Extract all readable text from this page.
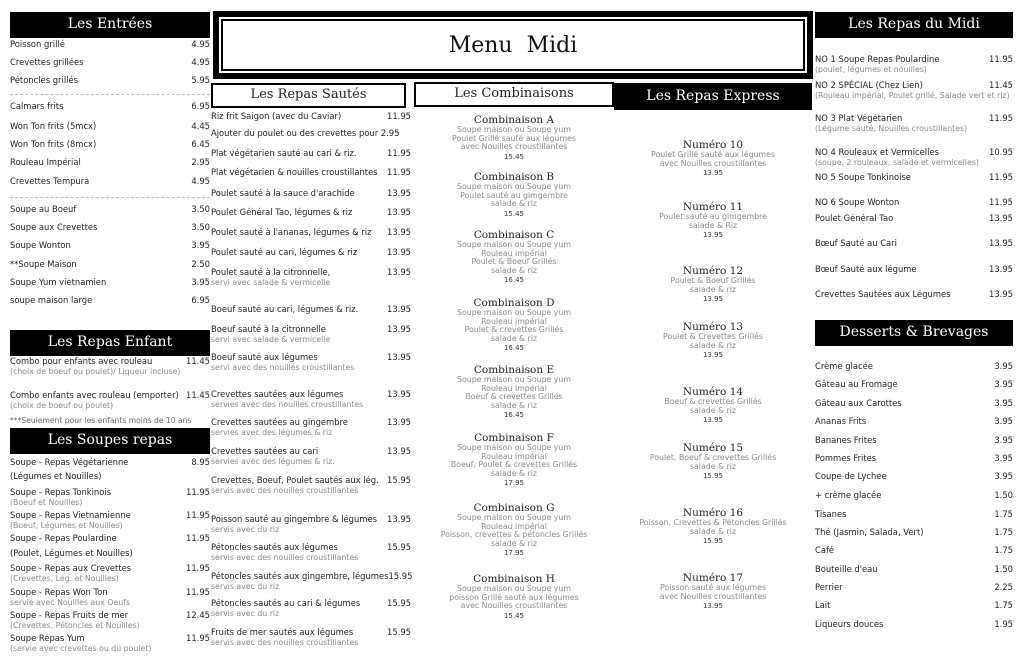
Les Entrées
Poisson grillé	4.95
Crevettes grillées	4.95
Pétoncles grillés	5.95
Calmars frits	6.95
Won Ton frits (5mcx)	4.45
Won Ton frits (8mcx)	6.45
Rouleau Impérial	2.95
Crevettes Tempura	4.95
Soupe au Boeuf	3.50
Soupe aux Crevettes	3.50
Soupe Wonton	3.95
**Soupe Maison	2.50
Soupe Yum vietnamien	3.95
soupe maison large	6.95
Les Repas Enfant
Combo pour enfants avec rouleau	11.45
(choix de boeuf ou poulet)/ Liqueur incluse)
Combo enfants avec rouleau (emporter) 11.45
(choix de boeuf ou poulet)
***Seulement pour les enfants moins de 10 ans
Les Soupes repas
Soupe - Repas Végétarienne	8.95
(Légumes et Nouilles)
Soupe - Repas Tonkinois	11.95
(Boeuf et Nouilles)
Soupe - Repas Vietnamienne	11.95
(Boeuf, Légumes et Nouilles)
Soupe - Repas Poulardine	11.95
(Poulet, Légumes et Nouilles)
Soupe - Repas aux Crevettes	11.95
(Crevettes, Lég. et Nouilles)
Soupe - Repas Won Ton	11.95
servie avec Nouilles aux Oeufs
Soupe - Repas Fruits de mer	12.45
(Crevettes, Pétoncles et Nouilles)
Soupe Repas Yum	11.95
(servie avec crevettes ou du poulet)
Menu  Midi
Les Repas Sautés
Riz frit Saigon (avec du Caviar)	11.95
Ajouter du poulet ou des crevettes pour 2.95
Plat végétarien sauté au cari & riz.	11.95
Plat végétarien & nouilles croustillantes 11.95
Poulet sauté à la sauce d'arachide	13.95
Poulet Général Tao, légumes & riz	13.95
Poulet sauté à l'ananas, légumes & riz 13.95
Poulet sauté au cari, légumes & riz	13.95
Poulet sauté à la citronnelle,	13.95
servi avec salade & vermicelle
Boeuf sauté au cari, légumes & riz.	13.95
Boeuf sauté à la citronnelle	13.95
servi avec salade & vermicelle
Boeuf sauté aux légumes	13.95
servi avec des nouilles croustillantes
Crevettes sautées aux légumes	13.95
servies avec des nouilles croustillantes
Crevettes sautées au gingembre	13.95
servies avec des légumes & riz
Crevettes sautées au cari	13.95
servies avec des légumes & riz.
Crevettes, Boeuf, Poulet sautés aux lég. 15.95
servis avec des nouilles croustillantes
Poisson sauté au gingembre & légumes 13.95
servis avec du riz
Pétoncles sautés aux légumes	15.95
servis avec des nouilles croustillantes
Pétoncles sautés aux gingembre, légumes 15.95
servis avec du riz
Pétoncles sautés au cari & légumes	15.95
servis avec du riz
Fruits de mer sautés aux légumes	15.95
servis avec des nouilles croustillantes
Les Combinaisons
Combinaison A
Soupe maison ou Soupe yum
Poulet Grillé sauté aux légumes
avec Nouilles croustillantes
15.45
Combinaison B
Soupe maison ou Soupe yum
Poulet sauté au gimgembre
salade & riz
15.45
Combinaison C
Soupe maison ou Soupe yum
Rouleau impérial
Poulet & Boeuf Grillés
salade & riz
16.45
Combinaison D
Soupe maison ou Soupe yum
Rouleau impérial
Poulet & crevettes Grillés
salade & riz
16.45
Combinaison E
Soupe maison ou Soupe yum
Rouleau impérial
Boeuf & crevettes Grillés
salade & riz
16.45
Combinaison F
Soupe maison ou Soupe yum
Rouleau impérial
Boeuf, Poulet & crevettes Grillés
salade & riz
17.95
Combinaison G
Soupe maison ou Soupe yum
Rouleau impérial
Poisson, crevettes & pétoncles Grillés
salade & riz
17.95
Combinaison H
Soupe maison ou Soupe yum
poisson Grillé sauté aux légumes
avec Nouilles croustillantes
15.45
Les Repas Express
Numéro 10
Poulet Grillé sauté aux légumes
avec Nouilles croustillantes
13.95
Numéro 11
Poulet sauté au gimgembre
salade & Riz
13.95
Numéro 12
Poulet & Boeuf Grillés
salade & riz
13.95
Numéro 13
Poulet & Crevettes Grillés
salade & riz
13.95
Numéro 14
Boeuf & crevettes Grillés
salade & riz
13.95
Numéro 15
Poulet, Boeuf & crevettes Grillés
salade & riz
15.95
Numéro 16
Poisson, Crevettes & Pétoncles Grillés
salade & riz
15.95
Numéro 17
Poisson sauté aux légumes
avec Nouilles croustillantes
13.95
Les Repas du Midi
NO 1 Soupe Repas Poulardine	11.95
(poulet, légumes et nouilles)
NO 2 SPÉCIAL (Chez Lien)	11.45
(Rouleau impérial, Poulet grillé, Salade vert et riz)
NO 3 Plat Végétarien	11.95
(Légume sauté, Nouilles croustillantes)
NO 4 Rouleaux et Vermicelles	10.95
(soupe, 2 rouleaux, salade et vermicelles)
NO 5 Soupe Tonkinoise	11.95
NO 6 Soupe Wonton	11.95
Poulet Général Tao	13.95
Bœuf Sauté au Cari	13.95
Bœuf Sauté aux légume	13.95
Crevettes Sautées aux Légumes	13.95
Desserts & Brevages
Crème glacée	3.95
Gâteau au Fromage	3.95
Gâteau aux Carottes	3.95
Ananas Frits	3.95
Bananes Frites	3.95
Pommes Frites	3.95
Coupe de Lychee	3.95
+ crème glacée	1.50
Tisanes	1.75
Thé (Jasmin, Salada, Vert)	1.75
Café	1.75
Bouteille d'eau	1.50
Perrier	2.25
Lait	1.75
Liqueurs douces	1.95
